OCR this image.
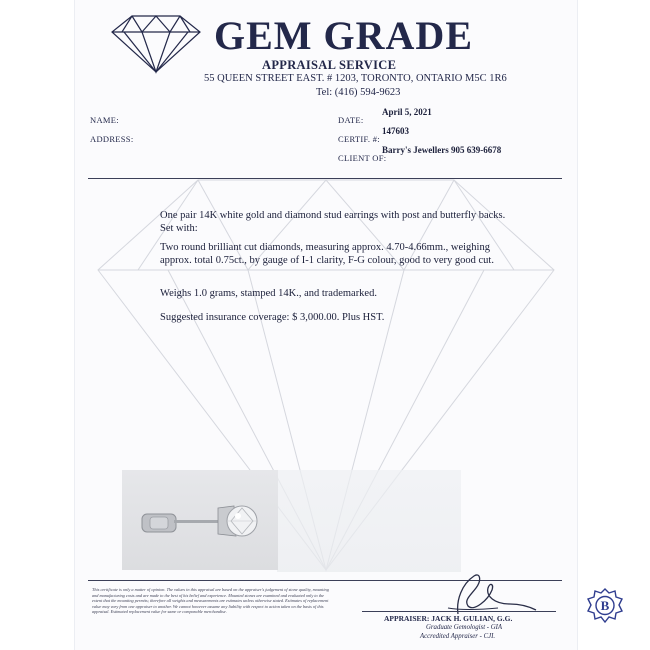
GEM GRADE
APPRAISAL SERVICE
55 QUEEN STREET EAST. # 1203, TORONTO, ONTARIO M5C 1R6
Tel: (416) 594-9623
NAME:
ADDRESS:
DATE:
April 5, 2021
CERTIF. #:
147603
Barry's Jewellers 905 639-6678
CLIENT OF:
One pair 14K white gold and diamond stud earrings with post and butterfly backs. Set with:
Two round brilliant cut diamonds, measuring approx. 4.70-4.66mm., weighing approx. total 0.75ct., by gauge of I-1 clarity, F-G colour, good to very good cut.
Weighs 1.0 grams, stamped 14K., and trademarked.
Suggested insurance coverage: $ 3,000.00. Plus HST.
This certificate is only a matter of opinion. The values in this appraisal are based on the appraiser's judgement of stone quality, mounting and manufacturing costs and are made to the best of his belief and experience. Mounted stones are examined and evaluated only to the extent that the mounting permits; therefore all weights and measurements are estimates unless otherwise stated. Estimates of replacement value may vary from one appraiser to another. We cannot however assume any liability with respect to action taken on the basis of this appraisal. Estimated replacement value for same or comparable merchandise.
APPRAISER: JACK H. GULIAN, G.G.
Graduate Gemologist - GIA
Accredited Appraiser - CJI.
B
